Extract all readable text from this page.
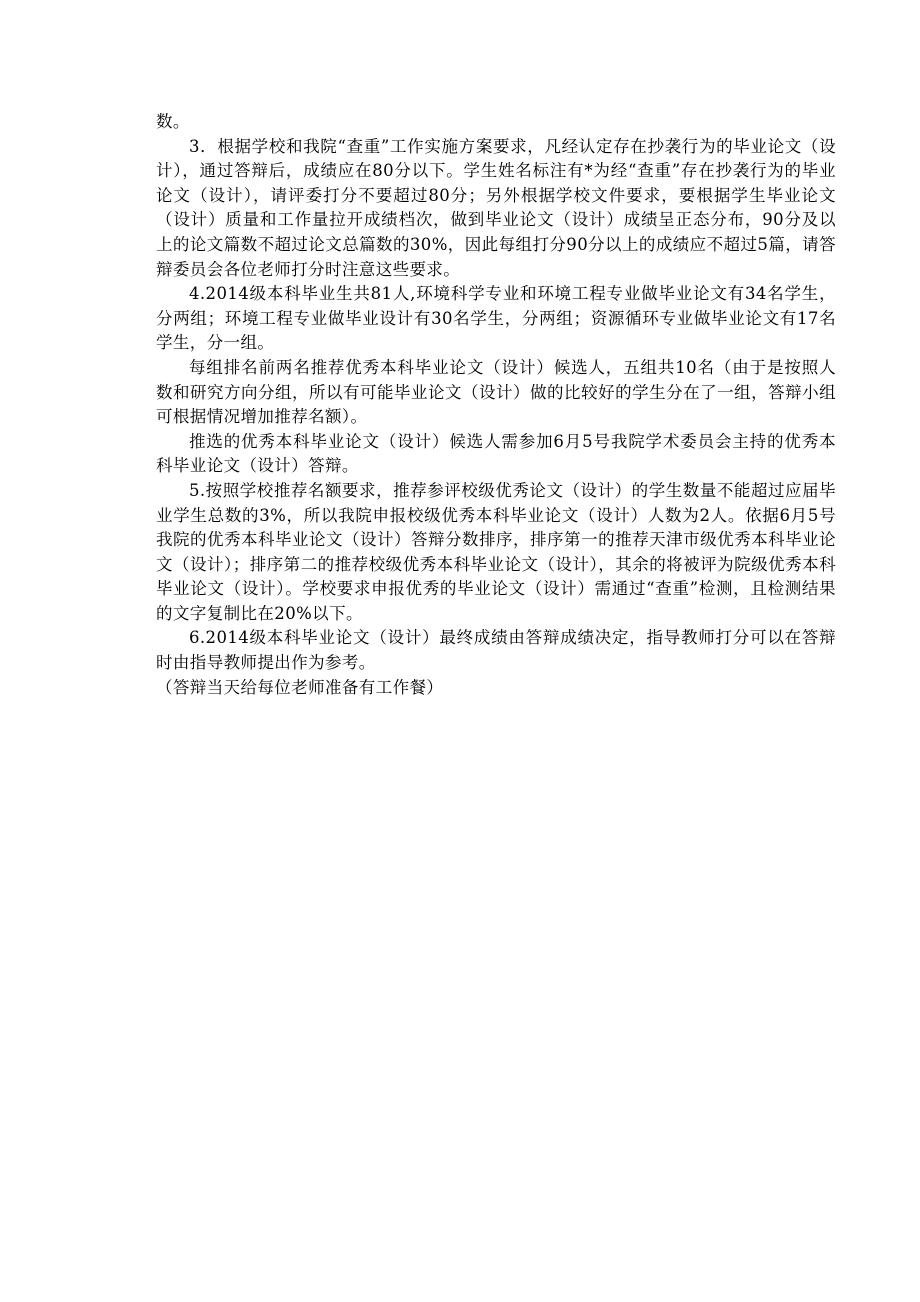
数。

3．根据学校和我院“查重”工作实施方案要求，凡经认定存在抄袭行为的毕业论文（设计），通过答辩后，成绩应在80分以下。学生姓名标注有*为经“查重”存在抄袭行为的毕业论文（设计），请评委打分不要超过80分；另外根据学校文件要求，要根据学生毕业论文（设计）质量和工作量拉开成绩档次，做到毕业论文（设计）成绩呈正态分布，90分及以上的论文篇数不超过论文总篇数的30%，因此每组打分90分以上的成绩应不超过5篇，请答辩委员会各位老师打分时注意这些要求。

4.2014级本科毕业生共81人,环境科学专业和环境工程专业做毕业论文有34名学生，分两组；环境工程专业做毕业设计有30名学生，分两组；资源循环专业做毕业论文有17名学生，分一组。

每组排名前两名推荐优秀本科毕业论文（设计）候选人，五组共10名（由于是按照人数和研究方向分组，所以有可能毕业论文（设计）做的比较好的学生分在了一组，答辩小组可根据情况增加推荐名额）。

推选的优秀本科毕业论文（设计）候选人需参加6月5号我院学术委员会主持的优秀本科毕业论文（设计）答辩。

5.按照学校推荐名额要求，推荐参评校级优秀论文（设计）的学生数量不能超过应届毕业学生总数的3%，所以我院申报校级优秀本科毕业论文（设计）人数为2人。依据6月5号我院的优秀本科毕业论文（设计）答辩分数排序，排序第一的推荐天津市级优秀本科毕业论文（设计）；排序第二的推荐校级优秀本科毕业论文（设计），其余的将被评为院级优秀本科毕业论文（设计）。学校要求申报优秀的毕业论文（设计）需通过“查重”检测，且检测结果的文字复制比在20%以下。

6.2014级本科毕业论文（设计）最终成绩由答辩成绩决定，指导教师打分可以在答辩时由指导教师提出作为参考。

（答辩当天给每位老师准备有工作餐）
